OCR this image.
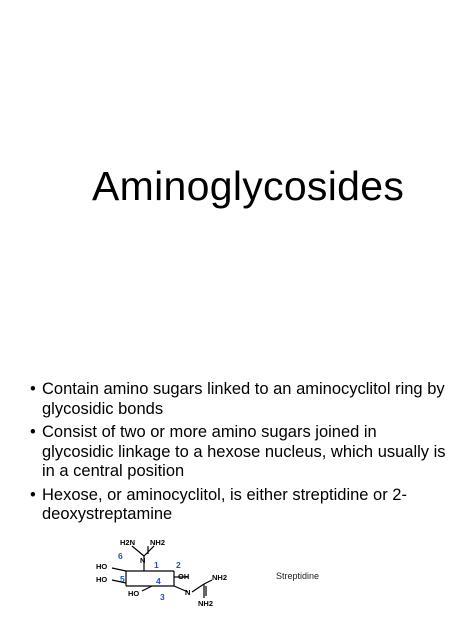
Aminoglycosides
• Contain amino sugars linked to an aminocyclitol ring by glycosidic bonds
• Consist of two or more amino sugars joined in glycosidic linkage to a hexose nucleus, which usually is in a central position
• Hexose, or aminocyclitol, is either streptidine or 2-deoxystreptamine
H2N NH2
N
HO
HO
HO
OH
N
NH2
NH2
6
1 2
5	4
3
Streptidine
